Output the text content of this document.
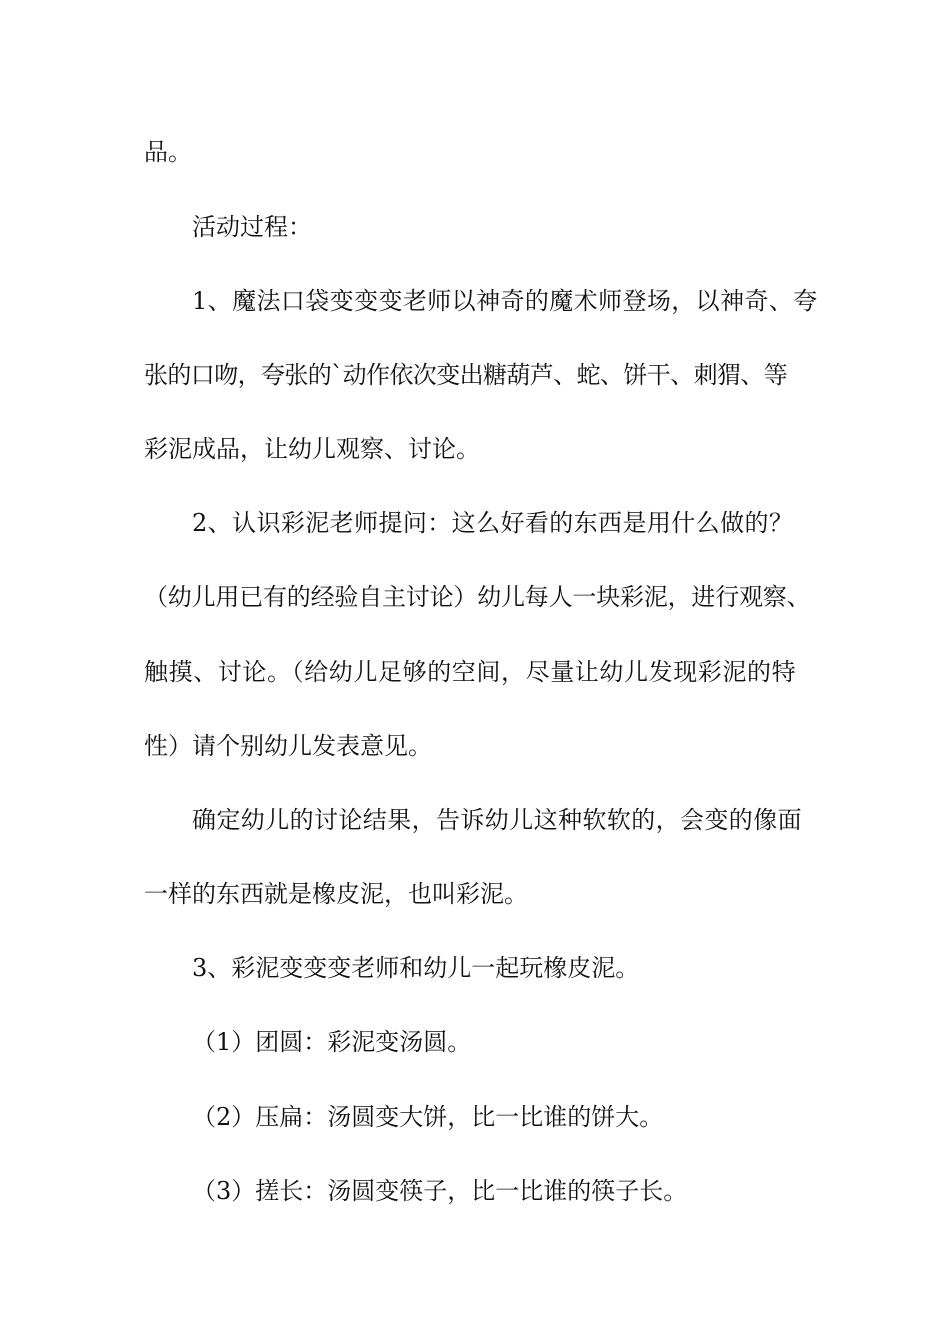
品。
活动过程：
1、魔法口袋变变变老师以神奇的魔术师登场，以神奇、夸
张的口吻，夸张的`动作依次变出糖葫芦、蛇、饼干、刺猬、等
彩泥成品，让幼儿观察、讨论。
2、认识彩泥老师提问：这么好看的东西是用什么做的？
（幼儿用已有的经验自主讨论）幼儿每人一块彩泥，进行观察、
触摸、讨论。（给幼儿足够的空间，尽量让幼儿发现彩泥的特
性）请个别幼儿发表意见。
确定幼儿的讨论结果，告诉幼儿这种软软的，会变的像面
一样的东西就是橡皮泥，也叫彩泥。
3、彩泥变变变老师和幼儿一起玩橡皮泥。
（1）团圆：彩泥变汤圆。
（2）压扁：汤圆变大饼，比一比谁的饼大。
（3）搓长：汤圆变筷子，比一比谁的筷子长。
